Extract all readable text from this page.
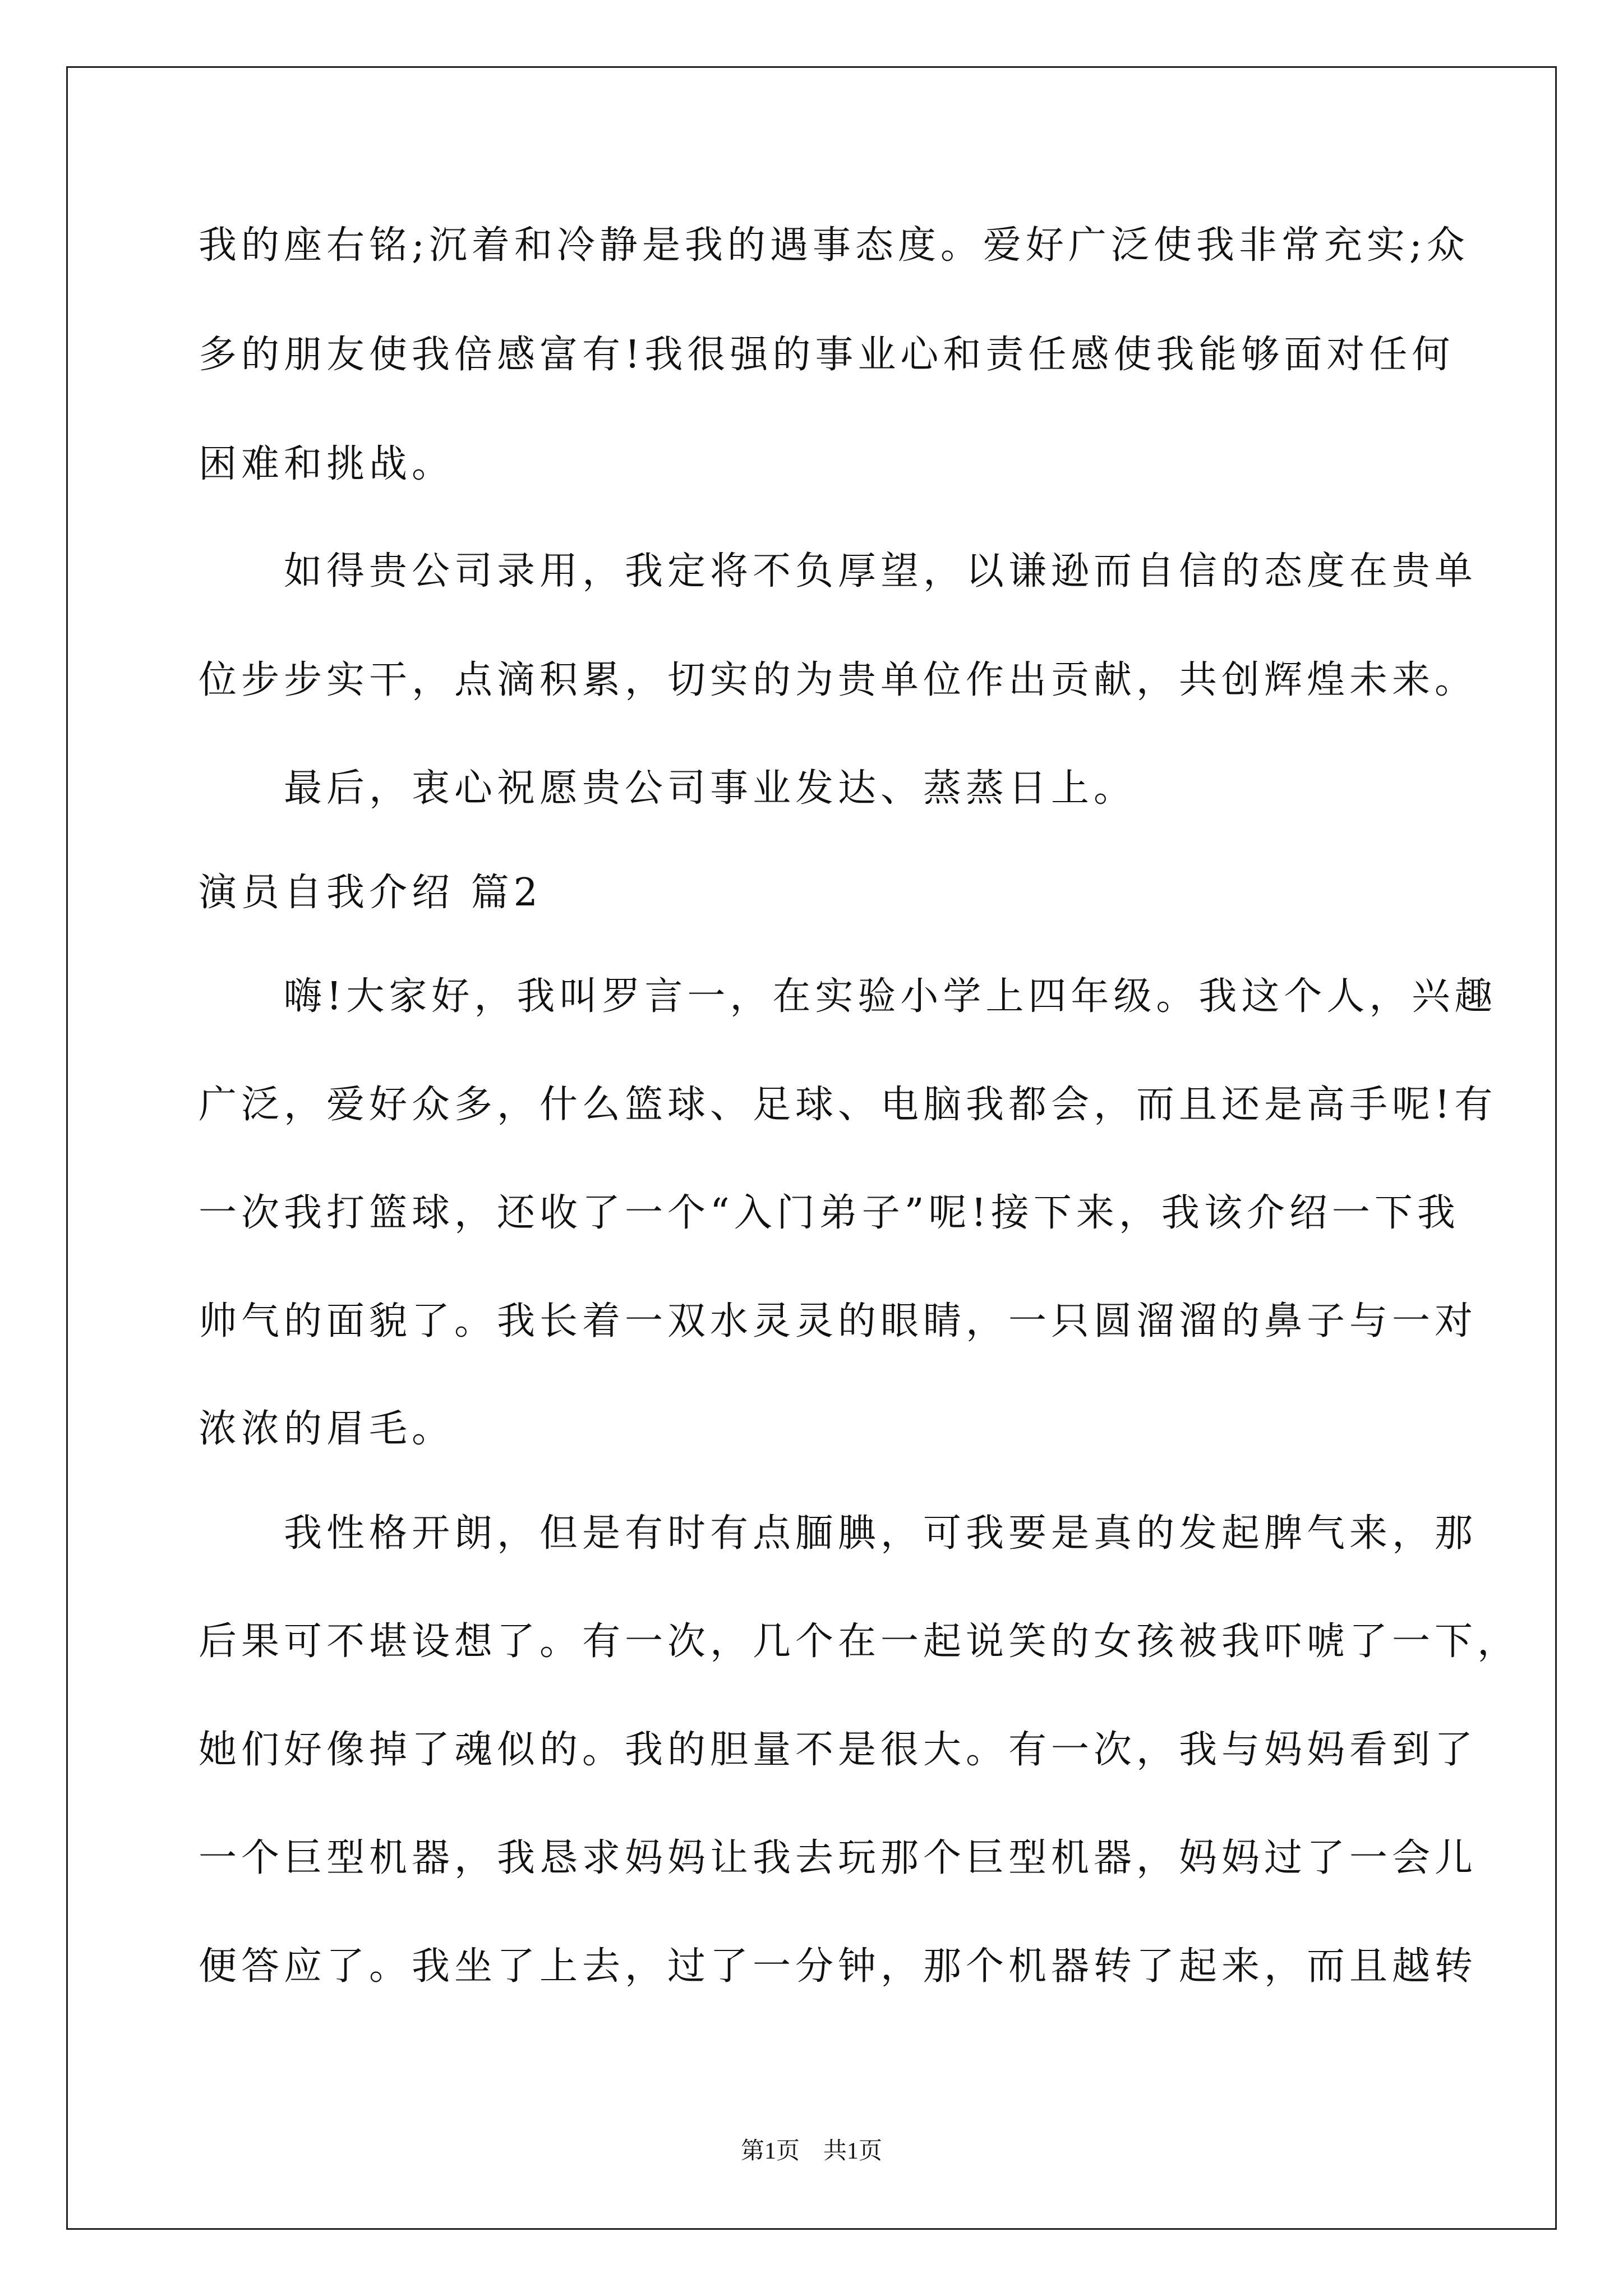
我的座右铭;沉着和冷静是我的遇事态度。爱好广泛使我非常充实;众
多的朋友使我倍感富有!我很强的事业心和责任感使我能够面对任何
困难和挑战。
　　如得贵公司录用，我定将不负厚望，以谦逊而自信的态度在贵单
位步步实干，点滴积累，切实的为贵单位作出贡献，共创辉煌未来。
　　最后，衷心祝愿贵公司事业发达、蒸蒸日上。
演员自我介绍 篇2
　　嗨!大家好，我叫罗言一，在实验小学上四年级。我这个人，兴趣
广泛，爱好众多，什么篮球、足球、电脑我都会，而且还是高手呢!有
一次我打篮球，还收了一个“入门弟子”呢!接下来，我该介绍一下我
帅气的面貌了。我长着一双水灵灵的眼睛，一只圆溜溜的鼻子与一对
浓浓的眉毛。
　　我性格开朗，但是有时有点腼腆，可我要是真的发起脾气来，那
后果可不堪设想了。有一次，几个在一起说笑的女孩被我吓唬了一下，
她们好像掉了魂似的。我的胆量不是很大。有一次，我与妈妈看到了
一个巨型机器，我恳求妈妈让我去玩那个巨型机器，妈妈过了一会儿
便答应了。我坐了上去，过了一分钟，那个机器转了起来，而且越转
第1页　共1页
